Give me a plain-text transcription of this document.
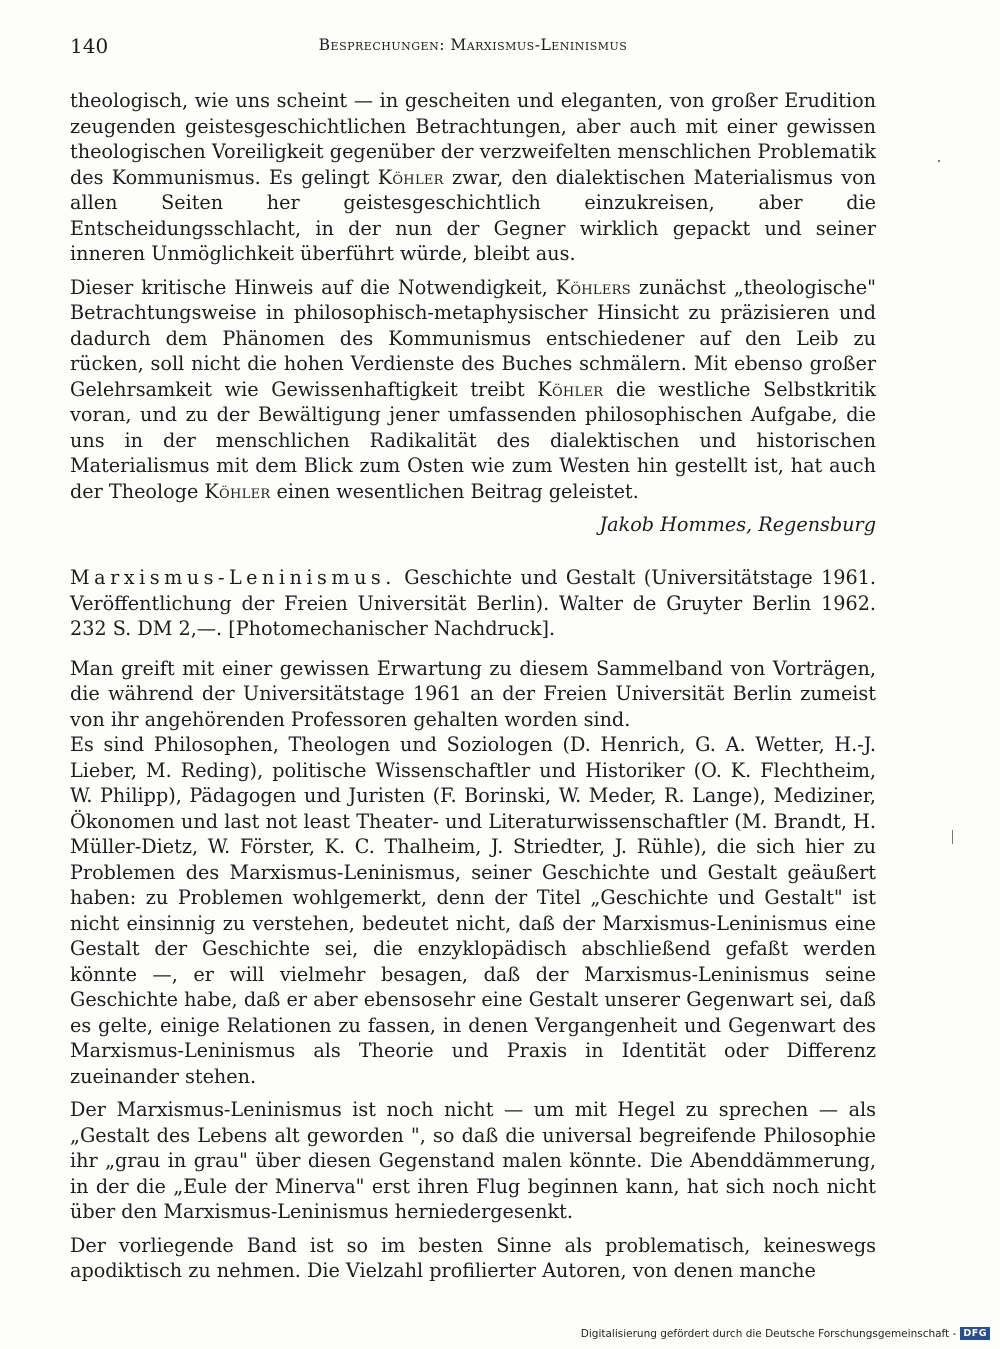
140	Besprechungen: Marxismus-Leninismus

theologisch, wie uns scheint — in gescheiten und eleganten, von großer Erudition zeugenden geistesgeschichtlichen Betrachtungen, aber auch mit einer gewissen theologischen Voreiligkeit gegenüber der verzweifelten menschlichen Problematik des Kommunismus. Es gelingt Köhler zwar, den dialektischen Materialismus von allen Seiten her geistesgeschichtlich einzukreisen, aber die Entscheidungsschlacht, in der nun der Gegner wirklich gepackt und seiner inneren Unmöglichkeit überführt würde, bleibt aus.

Dieser kritische Hinweis auf die Notwendigkeit, Köhlers zunächst „theologische" Betrachtungsweise in philosophisch-metaphysischer Hinsicht zu präzisieren und dadurch dem Phänomen des Kommunismus entschiedener auf den Leib zu rücken, soll nicht die hohen Verdienste des Buches schmälern. Mit ebenso großer Gelehrsamkeit wie Gewissenhaftigkeit treibt Köhler die westliche Selbstkritik voran, und zu der Bewältigung jener umfassenden philosophischen Aufgabe, die uns in der menschlichen Radikalität des dialektischen und historischen Materialismus mit dem Blick zum Osten wie zum Westen hin gestellt ist, hat auch der Theologe Köhler einen wesentlichen Beitrag geleistet.

Jakob Hommes, Regensburg

Marxismus-Leninismus. Geschichte und Gestalt (Universitätstage 1961. Veröffentlichung der Freien Universität Berlin). Walter de Gruyter Berlin 1962. 232 S. DM 2,—. [Photomechanischer Nachdruck].

Man greift mit einer gewissen Erwartung zu diesem Sammelband von Vorträgen, die während der Universitätstage 1961 an der Freien Universität Berlin zumeist von ihr angehörenden Professoren gehalten worden sind.

Es sind Philosophen, Theologen und Soziologen (D. Henrich, G. A. Wetter, H.-J. Lieber, M. Reding), politische Wissenschaftler und Historiker (O. K. Flechtheim, W. Philipp), Pädagogen und Juristen (F. Borinski, W. Meder, R. Lange), Mediziner, Ökonomen und last not least Theater- und Literaturwissenschaftler (M. Brandt, H. Müller-Dietz, W. Förster, K. C. Thalheim, J. Striedter, J. Rühle), die sich hier zu Problemen des Marxismus-Leninismus, seiner Geschichte und Gestalt geäußert haben: zu Problemen wohlgemerkt, denn der Titel „Geschichte und Gestalt" ist nicht einsinnig zu verstehen, bedeutet nicht, daß der Marxismus-Leninismus eine Gestalt der Geschichte sei, die enzyklopädisch abschließend gefaßt werden könnte —, er will vielmehr besagen, daß der Marxismus-Leninismus seine Geschichte habe, daß er aber ebensosehr eine Gestalt unserer Gegenwart sei, daß es gelte, einige Relationen zu fassen, in denen Vergangenheit und Gegenwart des Marxismus-Leninismus als Theorie und Praxis in Identität oder Differenz zueinander stehen.

Der Marxismus-Leninismus ist noch nicht — um mit Hegel zu sprechen — als „Gestalt des Lebens alt geworden ", so daß die universal begreifende Philosophie ihr „grau in grau" über diesen Gegenstand malen könnte. Die Abenddämmerung, in der die „Eule der Minerva" erst ihren Flug beginnen kann, hat sich noch nicht über den Marxismus-Leninismus herniedergesenkt.

Der vorliegende Band ist so im besten Sinne als problematisch, keineswegs apodiktisch zu nehmen. Die Vielzahl profilierter Autoren, von denen manche

Digitalisierung gefördert durch die Deutsche Forschungsgemeinschaft - DFG
